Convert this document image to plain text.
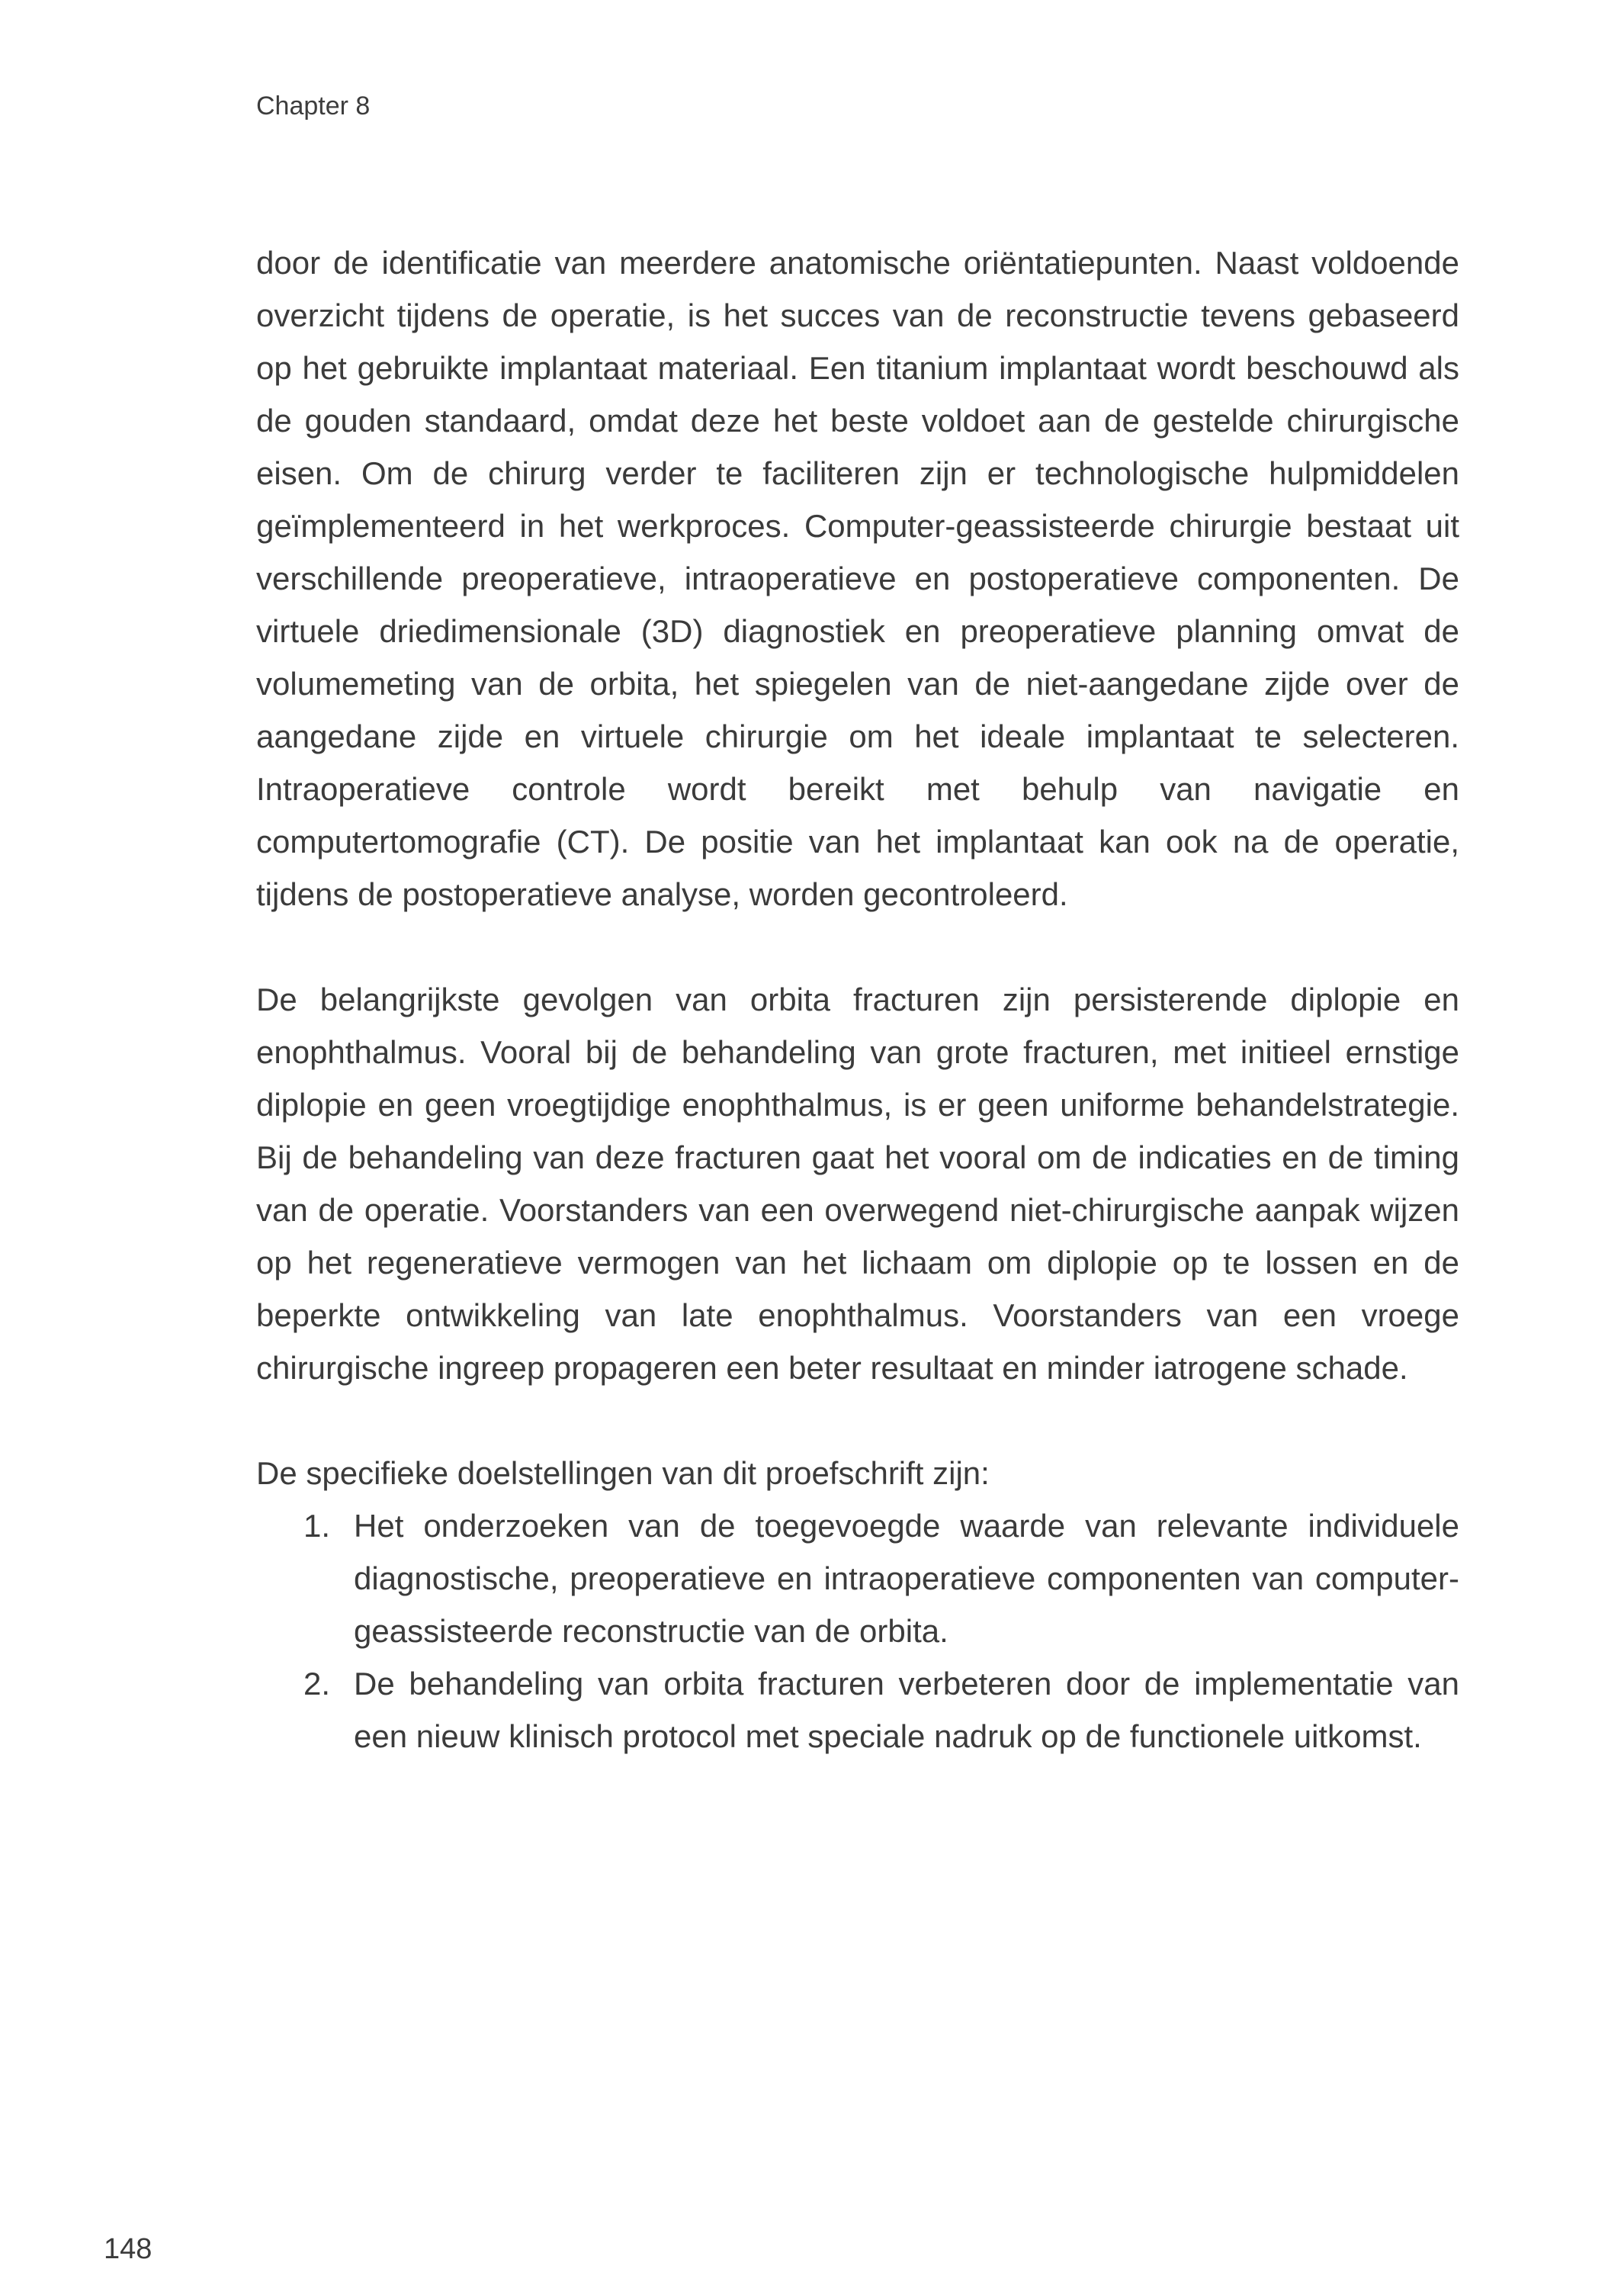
Chapter 8

door de identificatie van meerdere anatomische oriëntatiepunten. Naast voldoende overzicht tijdens de operatie, is het succes van de reconstructie tevens gebaseerd op het gebruikte implantaat materiaal. Een titanium implantaat wordt beschouwd als de gouden standaard, omdat deze het beste voldoet aan de gestelde chirurgische eisen. Om de chirurg verder te faciliteren zijn er technologische hulpmiddelen geïmplementeerd in het werkproces. Computer-geassisteerde chirurgie bestaat uit verschillende preoperatieve, intraoperatieve en postoperatieve componenten. De virtuele driedimensionale (3D) diagnostiek en preoperatieve planning omvat de volumemeting van de orbita, het spiegelen van de niet-aangedane zijde over de aangedane zijde en virtuele chirurgie om het ideale implantaat te selecteren. Intraoperatieve controle wordt bereikt met behulp van navigatie en computertomografie (CT). De positie van het implantaat kan ook na de operatie, tijdens de postoperatieve analyse, worden gecontroleerd.

De belangrijkste gevolgen van orbita fracturen zijn persisterende diplopie en enophthalmus. Vooral bij de behandeling van grote fracturen, met initieel ernstige diplopie en geen vroegtijdige enophthalmus, is er geen uniforme behandelstrategie. Bij de behandeling van deze fracturen gaat het vooral om de indicaties en de timing van de operatie. Voorstanders van een overwegend niet-chirurgische aanpak wijzen op het regeneratieve vermogen van het lichaam om diplopie op te lossen en de beperkte ontwikkeling van late enophthalmus. Voorstanders van een vroege chirurgische ingreep propageren een beter resultaat en minder iatrogene schade.

De specifieke doelstellingen van dit proefschrift zijn:

1. Het onderzoeken van de toegevoegde waarde van relevante individuele diagnostische, preoperatieve en intraoperatieve componenten van computer-geassisteerde reconstructie van de orbita.
2. De behandeling van orbita fracturen verbeteren door de implementatie van een nieuw klinisch protocol met speciale nadruk op de functionele uitkomst.
148
